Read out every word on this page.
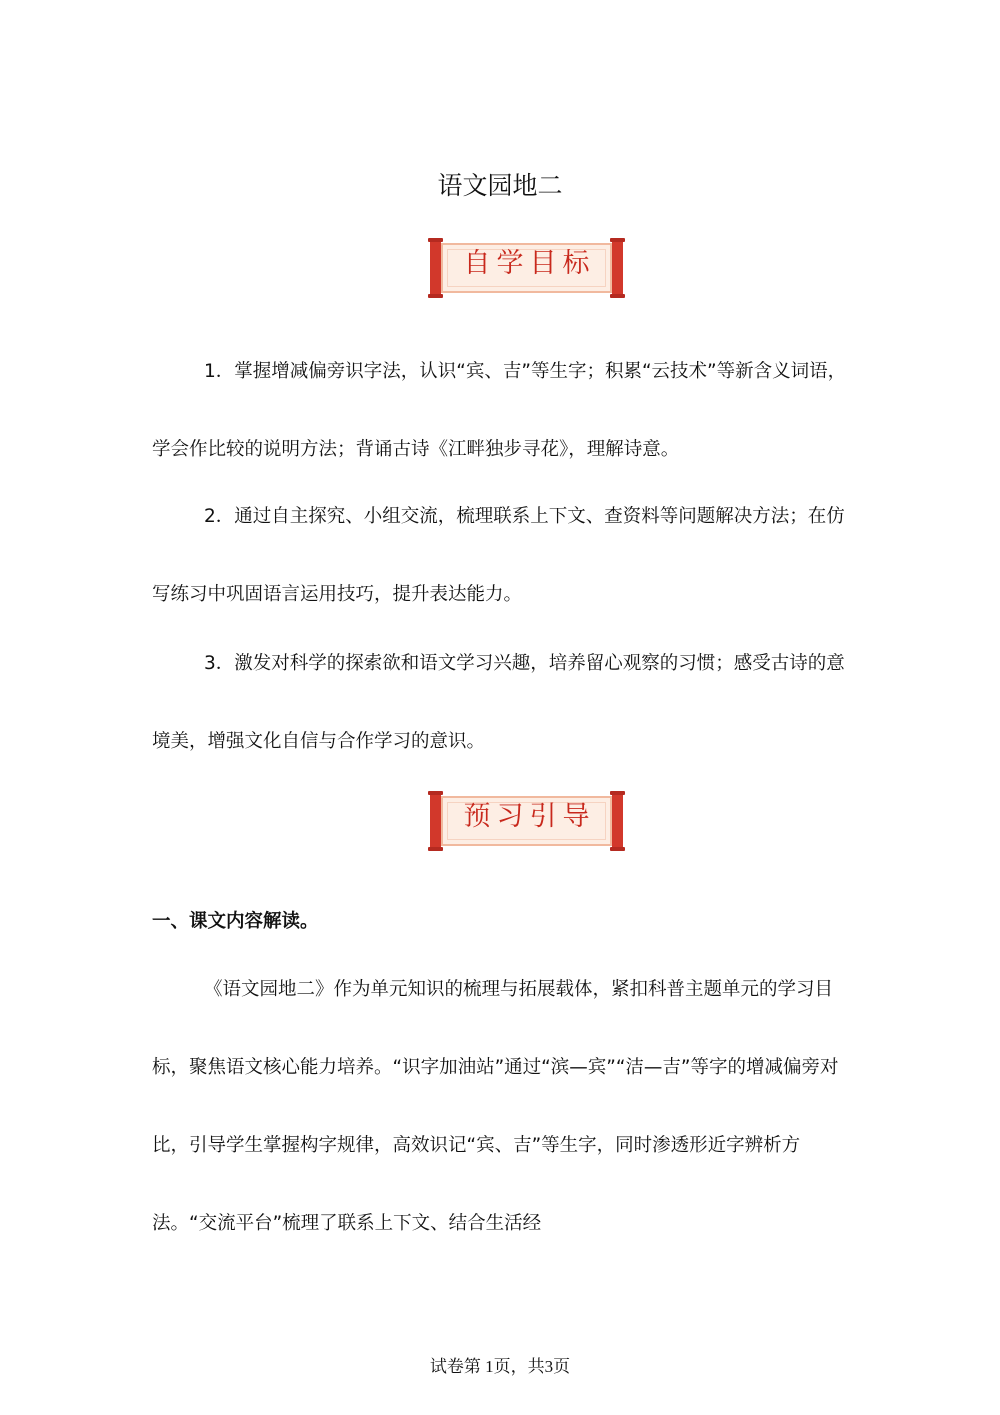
语文园地二
自学目标

1．掌握增减偏旁识字法，认识“宾、吉”等生字；积累“云技术”等新含义词语，学会作比较的说明方法；背诵古诗《江畔独步寻花》，理解诗意。

2．通过自主探究、小组交流，梳理联系上下文、查资料等问题解决方法；在仿写练习中巩固语言运用技巧，提升表达能力。

3．激发对科学的探索欲和语文学习兴趣，培养留心观察的习惯；感受古诗的意境美，增强文化自信与合作学习的意识。

预习引导
一、课文内容解读。

《语文园地二》作为单元知识的梳理与拓展载体，紧扣科普主题单元的学习目标，聚焦语文核心能力培养。“识字加油站”通过“滨—宾”“洁—吉”等字的增减偏旁对比，引导学生掌握构字规律，高效识记“宾、吉”等生字，同时渗透形近字辨析方法。“交流平台”梳理了联系上下文、结合生活经

试卷第 1页，共3页
